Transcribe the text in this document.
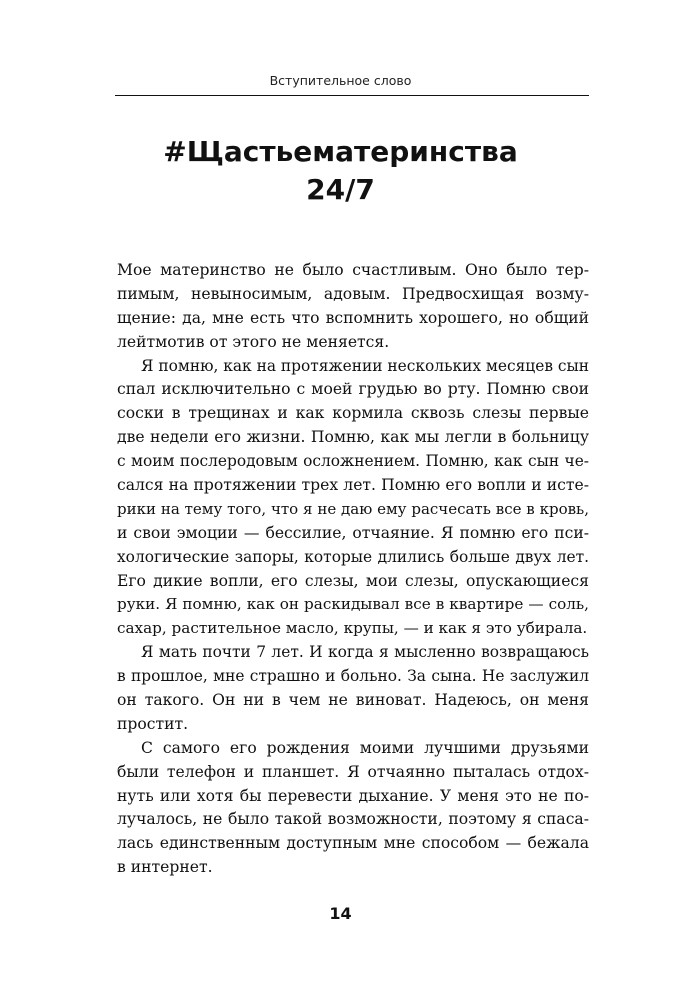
Вступительное слово
#Щастьематеринства
24/7
Мое материнство не было счастливым. Оно было тер-
пимым, невыносимым, адовым. Предвосхищая возму-
щение: да, мне есть что вспомнить хорошего, но общий
лейтмотив от этого не меняется.
Я помню, как на протяжении нескольких месяцев сын
спал исключительно с моей грудью во рту. Помню свои
соски в трещинах и как кормила сквозь слезы первые
две недели его жизни. Помню, как мы легли в больницу
с моим послеродовым осложнением. Помню, как сын че-
сался на протяжении трех лет. Помню его вопли и исте-
рики на тему того, что я не даю ему расчесать все в кровь,
и свои эмоции — бессилие, отчаяние. Я помню его пси-
хологические запоры, которые длились больше двух лет.
Его дикие вопли, его слезы, мои слезы, опускающиеся
руки. Я помню, как он раскидывал все в квартире — соль,
сахар, растительное масло, крупы, — и как я это убирала.
Я мать почти 7 лет. И когда я мысленно возвращаюсь
в прошлое, мне страшно и больно. За сына. Не заслужил
он такого. Он ни в чем не виноват. Надеюсь, он меня
простит.
С самого его рождения моими лучшими друзьями
были телефон и планшет. Я отчаянно пыталась отдох-
нуть или хотя бы перевести дыхание. У меня это не по-
лучалось, не было такой возможности, поэтому я спаса-
лась единственным доступным мне способом — бежала
в интернет.
14
